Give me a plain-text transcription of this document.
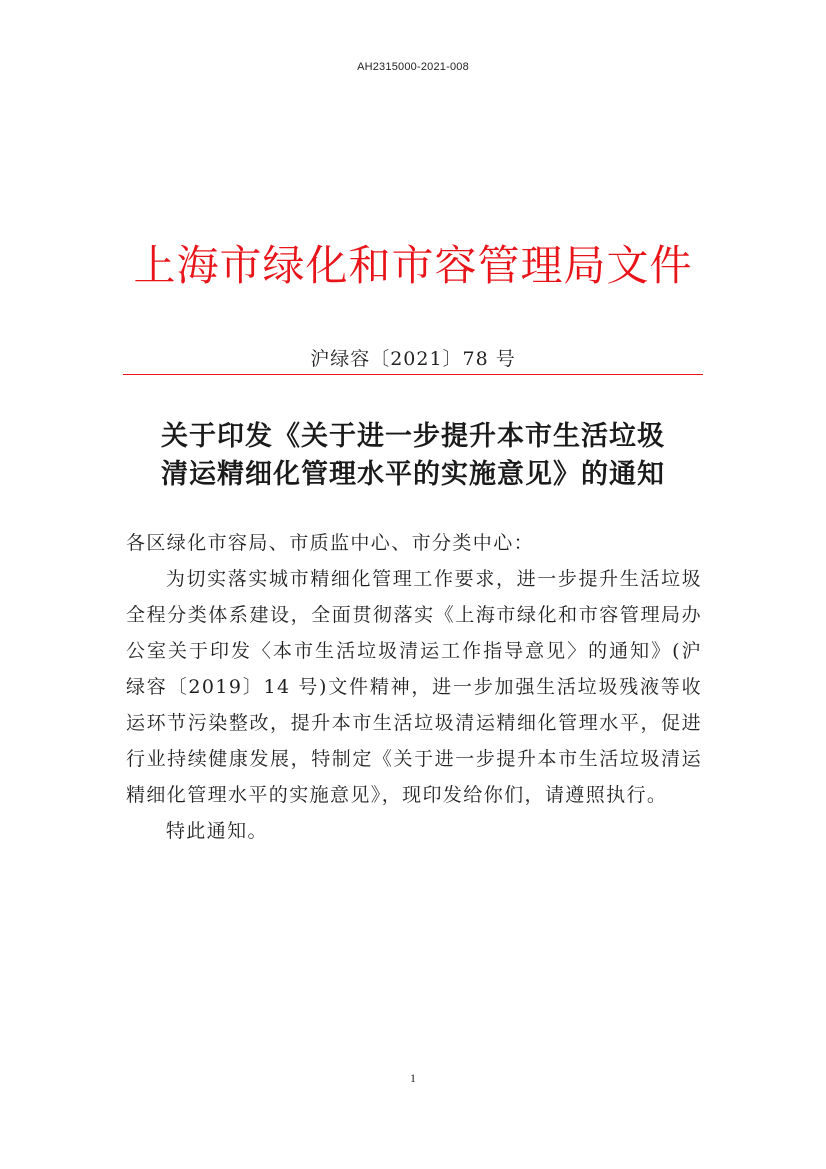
AH2315000-2021-008
上海市绿化和市容管理局文件
沪绿容〔2021〕78 号
关于印发《关于进一步提升本市生活垃圾
清运精细化管理水平的实施意见》的通知

各区绿化市容局、市质监中心、市分类中心：

为切实落实城市精细化管理工作要求，进一步提升生活垃圾全程分类体系建设，全面贯彻落实《上海市绿化和市容管理局办公室关于印发〈本市生活垃圾清运工作指导意见〉的通知》(沪绿容〔2019〕14 号)文件精神，进一步加强生活垃圾残液等收运环节污染整改，提升本市生活垃圾清运精细化管理水平，促进行业持续健康发展，特制定《关于进一步提升本市生活垃圾清运精细化管理水平的实施意见》，现印发给你们，请遵照执行。

特此通知。

1
